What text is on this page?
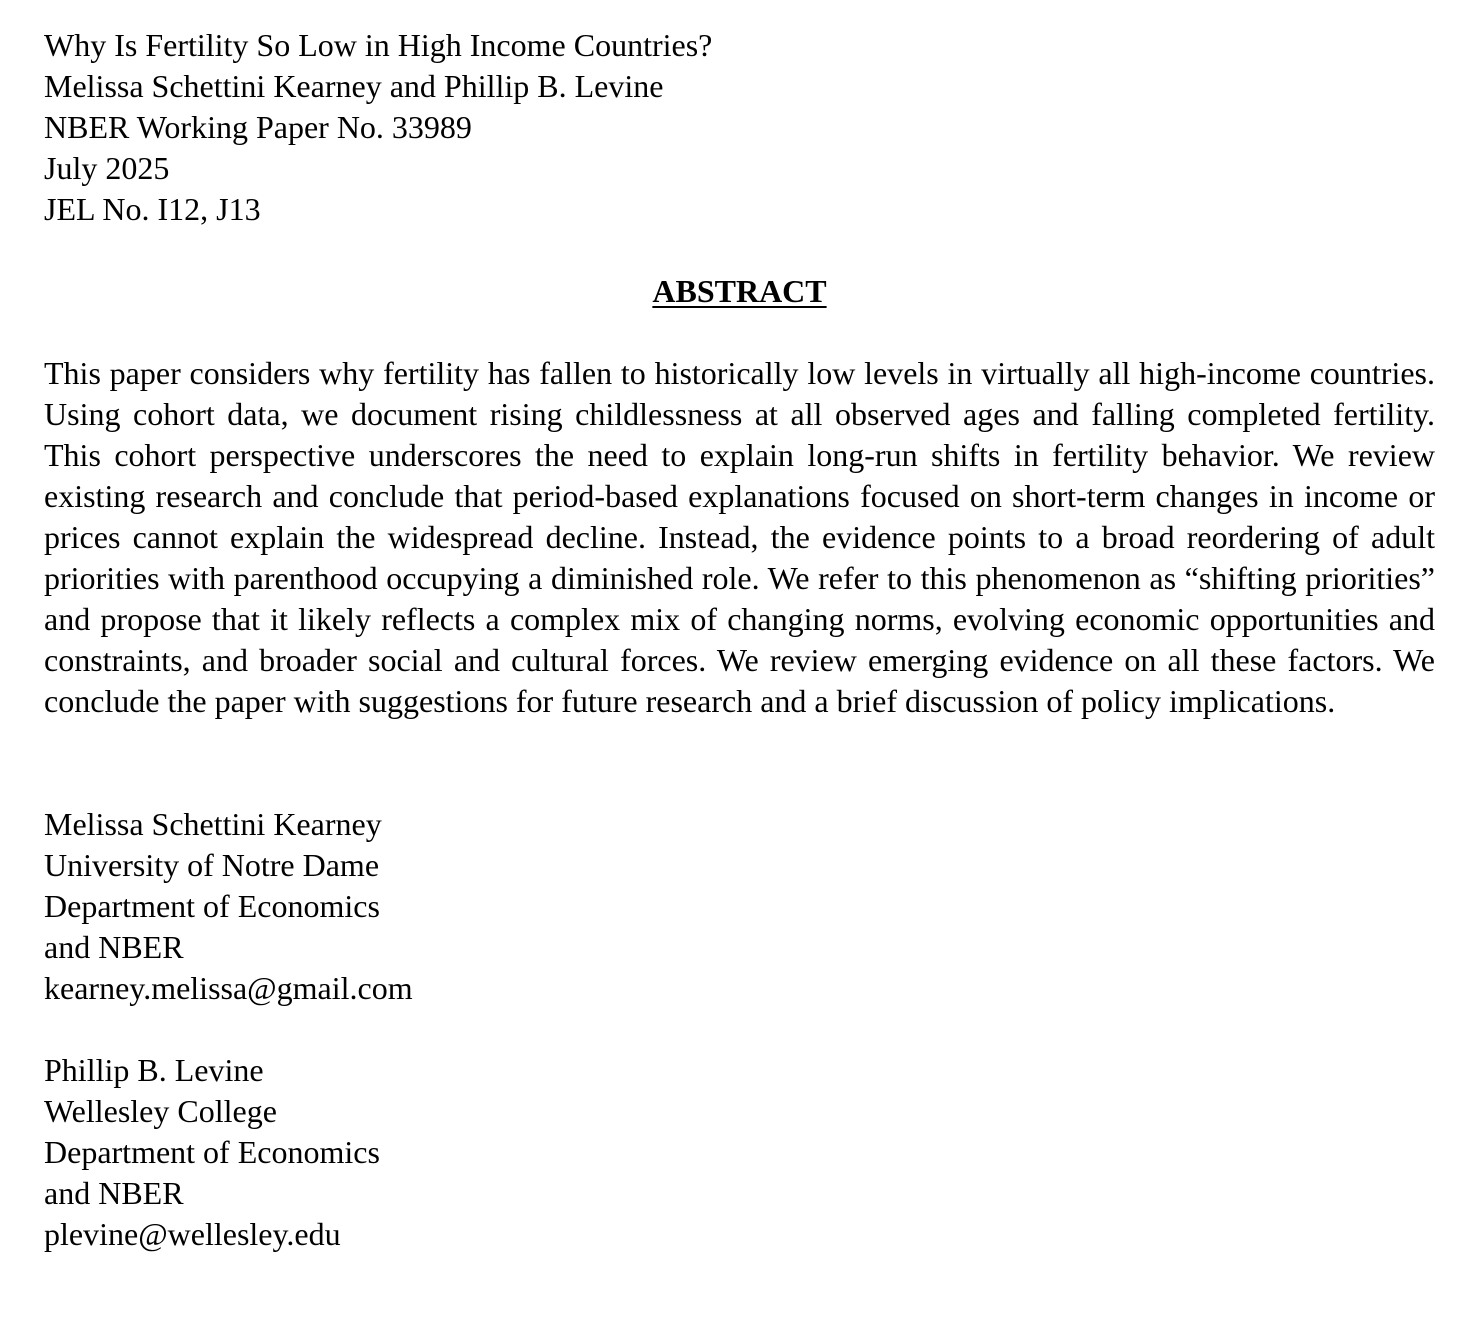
Why Is Fertility So Low in High Income Countries?
Melissa Schettini Kearney and Phillip B. Levine
NBER Working Paper No. 33989
July 2025
JEL No. I12, J13
ABSTRACT
This paper considers why fertility has fallen to historically low levels in virtually all high-income countries. Using cohort data, we document rising childlessness at all observed ages and falling completed fertility. This cohort perspective underscores the need to explain long-run shifts in fertility behavior. We review existing research and conclude that period-based explanations focused on short-term changes in income or prices cannot explain the widespread decline. Instead, the evidence points to a broad reordering of adult priorities with parenthood occupying a diminished role. We refer to this phenomenon as “shifting priorities” and propose that it likely reflects a complex mix of changing norms, evolving economic opportunities and constraints, and broader social and cultural forces. We review emerging evidence on all these factors. We conclude the paper with suggestions for future research and a brief discussion of policy implications.
Melissa Schettini Kearney
University of Notre Dame
Department of Economics
and NBER
kearney.melissa@gmail.com
Phillip B. Levine
Wellesley College
Department of Economics
and NBER
plevine@wellesley.edu
